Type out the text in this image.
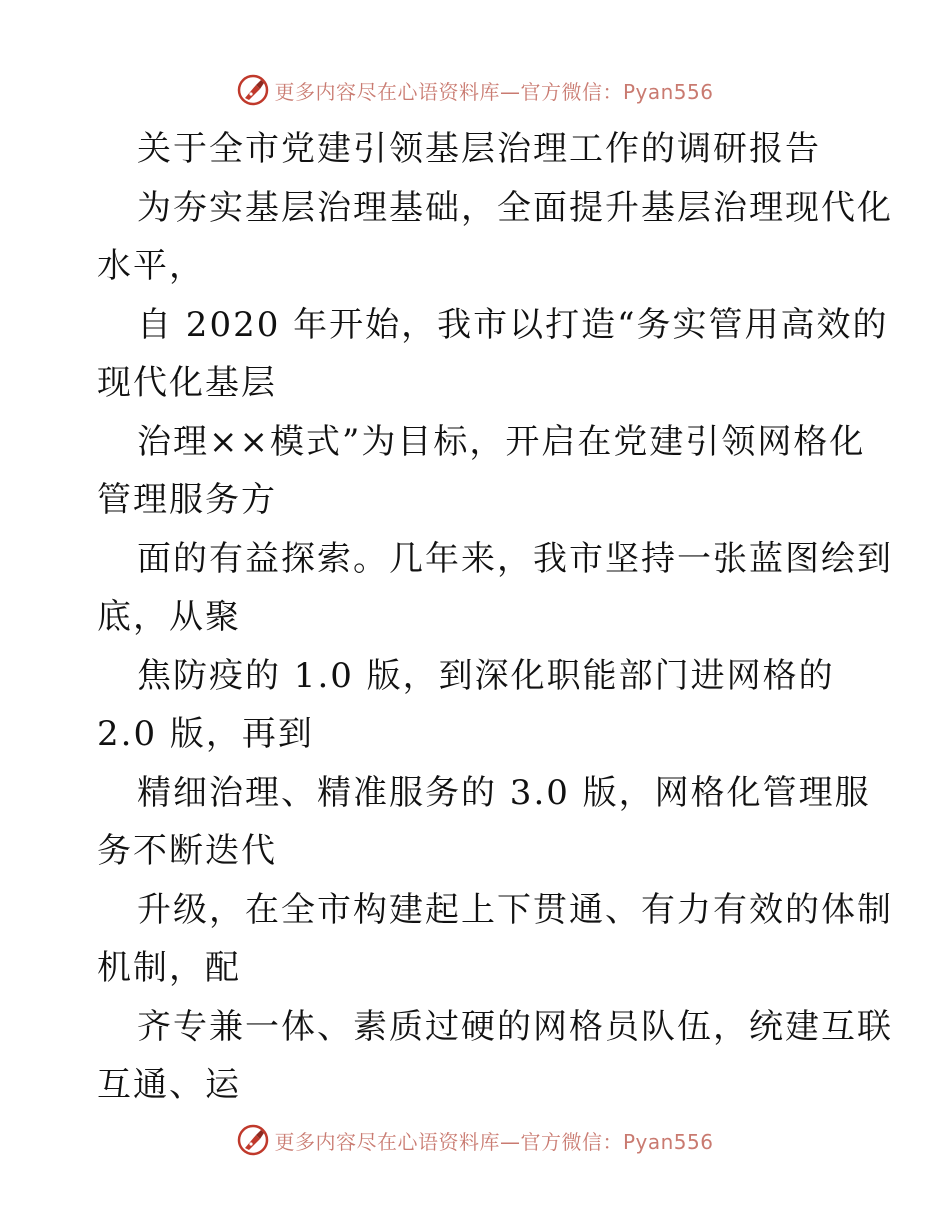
更多内容尽在心语资料库—官方微信：Pyan556
关于全市党建引领基层治理工作的调研报告
为夯实基层治理基础，全面提升基层治理现代化
水平，
自 2020 年开始，我市以打造“务实管用高效的
现代化基层
治理××模式”为目标，开启在党建引领网格化
管理服务方
面的有益探索。几年来，我市坚持一张蓝图绘到
底，从聚
焦防疫的 1.0 版，到深化职能部门进网格的
2.0 版，再到
精细治理、精准服务的 3.0 版，网格化管理服
务不断迭代
升级，在全市构建起上下贯通、有力有效的体制
机制，配
齐专兼一体、素质过硬的网格员队伍，统建互联
互通、运
更多内容尽在心语资料库—官方微信：Pyan556
